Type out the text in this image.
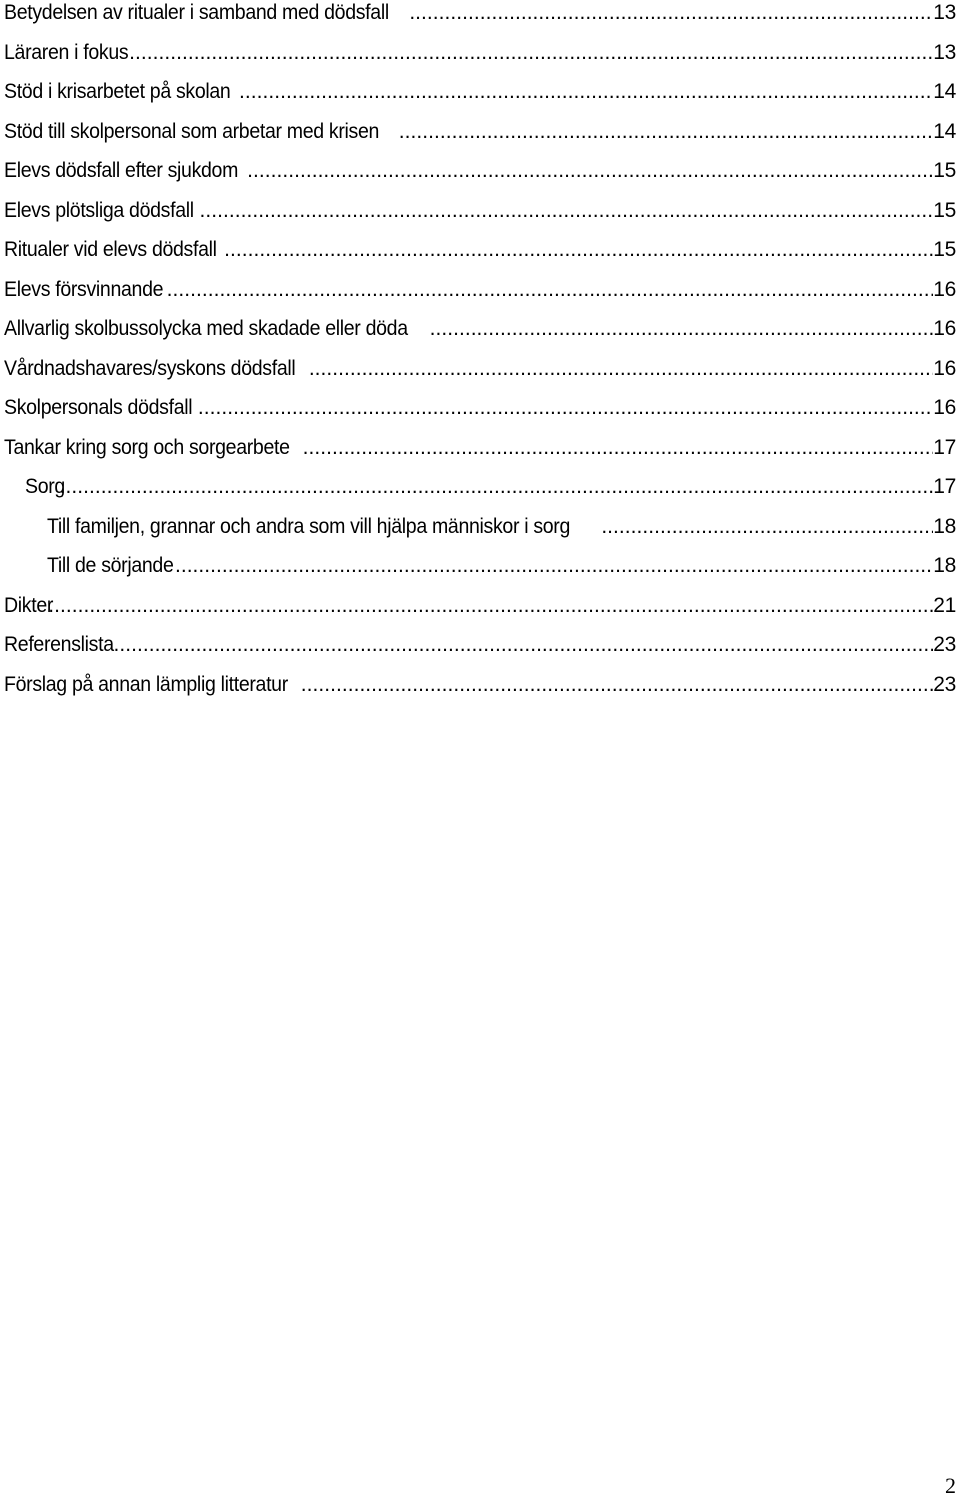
Betydelsen av ritualer i samband med dödsfall . . .	13
Läraren i fokus . . .	13
Stöd i krisarbetet på skolan . . .	14
Stöd till skolpersonal som arbetar med krisen . . .	14
Elevs dödsfall efter sjukdom . . .	15
Elevs plötsliga dödsfall . . .	15
Ritualer vid elevs dödsfall . . .	15
Elevs försvinnande . . .	16
Allvarlig skolbussolycka med skadade eller döda . . .	16
Vårdnadshavares/syskons dödsfall . . .	16
Skolpersonals dödsfall . . .	16
Tankar kring sorg och sorgearbete . . .	17
Sorg . . .	17
Till familjen, grannar och andra som vill hjälpa människor i sorg . . .	18
Till de sörjande . . .	18
Dikter . . .	21
Referenslista . . .	23
Förslag på annan lämplig litteratur . . .	23
2
